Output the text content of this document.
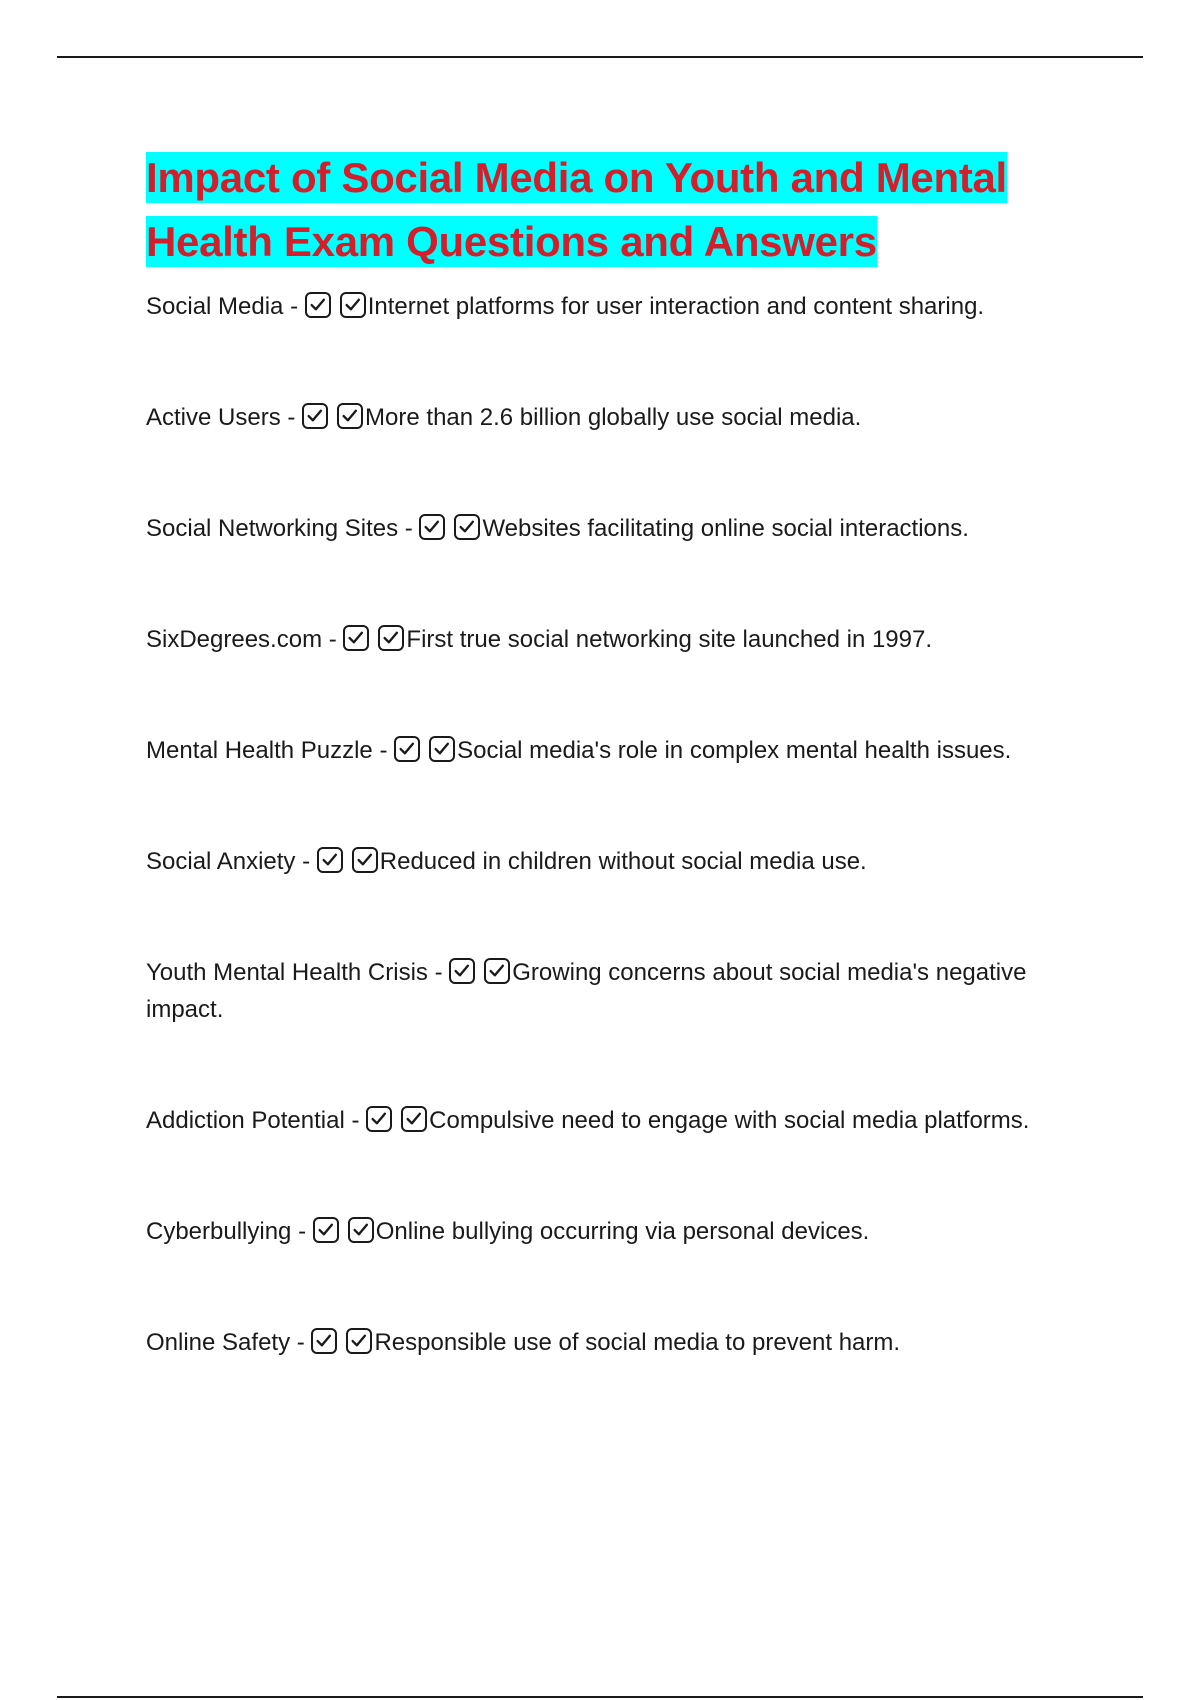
Impact of Social Media on Youth and Mental Health Exam Questions and Answers
Social Media -	Internet platforms for user interaction and content sharing.
Active Users -	More than 2.6 billion globally use social media.
Social Networking Sites -	Websites facilitating online social interactions.
SixDegrees.com -	First true social networking site launched in 1997.
Mental Health Puzzle -	Social media's role in complex mental health issues.
Social Anxiety -	Reduced in children without social media use.
Youth Mental Health Crisis -	Growing concerns about social media's negative impact.
Addiction Potential -	Compulsive need to engage with social media platforms.
Cyberbullying -	Online bullying occurring via personal devices.
Online Safety -	Responsible use of social media to prevent harm.
